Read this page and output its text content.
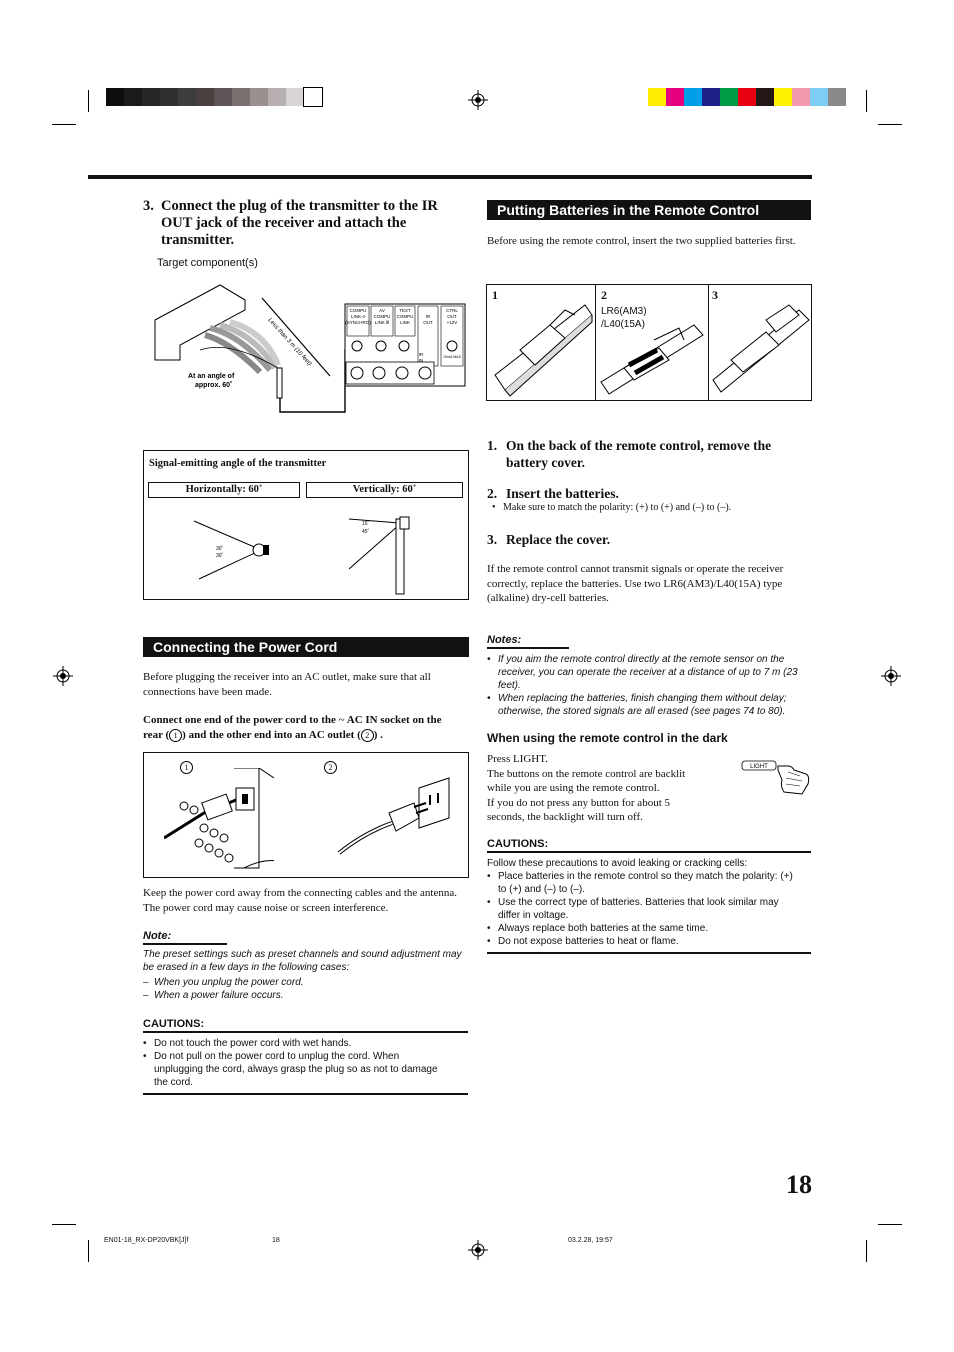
3. Connect the plug of the transmitter to the IR OUT jack of the receiver and attach the transmitter.
Target component(s)
Less than 3 m (10 feet)
At an angle of
approx. 60˚
COMPU
LINK-4
(SYNCHRO)
AV
COMPU
LINK Ⅲ
TEXT
COMPU
LINK
IR
OUT
CTRL
OUT
+12V
IR
IN
10mA MAX
Signal-emitting angle of the transmitter
Horizontally: 60˚	Vertically: 60˚
30˚
30˚
15˚
45˚
Connecting the Power Cord
Before plugging the receiver into an AC outlet, make sure that all connections have been made.
Connect one end of the power cord to the ~ AC IN socket on the rear ( 1 ) and the other end into an AC outlet ( 2 ) .
1	2
Keep the power cord away from the connecting cables and the antenna. The power cord may cause noise or screen interference.
Note:
The preset settings such as preset channels and sound adjustment may be erased in a few days in the following cases:
– When you unplug the power cord.
– When a power failure occurs.
CAUTIONS:
• Do not touch the power cord with wet hands.
• Do not pull on the power cord to unplug the cord. When unplugging the cord, always grasp the plug so as not to damage the cord.
Putting Batteries in the Remote Control
Before using the remote control, insert the two supplied batteries first.
1	2	3
LR6(AM3)
/L40(15A)
1. On the back of the remote control, remove the battery cover.
2. Insert the batteries.
• Make sure to match the polarity: (+) to (+) and (–) to (–).
3. Replace the cover.
If the remote control cannot transmit signals or operate the receiver correctly, replace the batteries. Use two LR6(AM3)/L40(15A) type (alkaline) dry-cell batteries.
Notes:
• If you aim the remote control directly at the remote sensor on the receiver, you can operate the receiver at a distance of up to 7 m (23 feet).
• When replacing the batteries, finish changing them without delay; otherwise, the stored signals are all erased (see pages 74 to 80).
When using the remote control in the dark
Press LIGHT.
The buttons on the remote control are backlit while you are using the remote control.
If you do not press any button for about 5 seconds, the backlight will turn off.
LIGHT
CAUTIONS:
Follow these precautions to avoid leaking or cracking cells:
• Place batteries in the remote control so they match the polarity: (+) to (+) and (–) to (–).
• Use the correct type of batteries. Batteries that look similar may differ in voltage.
• Always replace both batteries at the same time.
• Do not expose batteries to heat or flame.
18
EN01-18_RX-DP20VBK[J]f	18	03.2.28, 19:57
